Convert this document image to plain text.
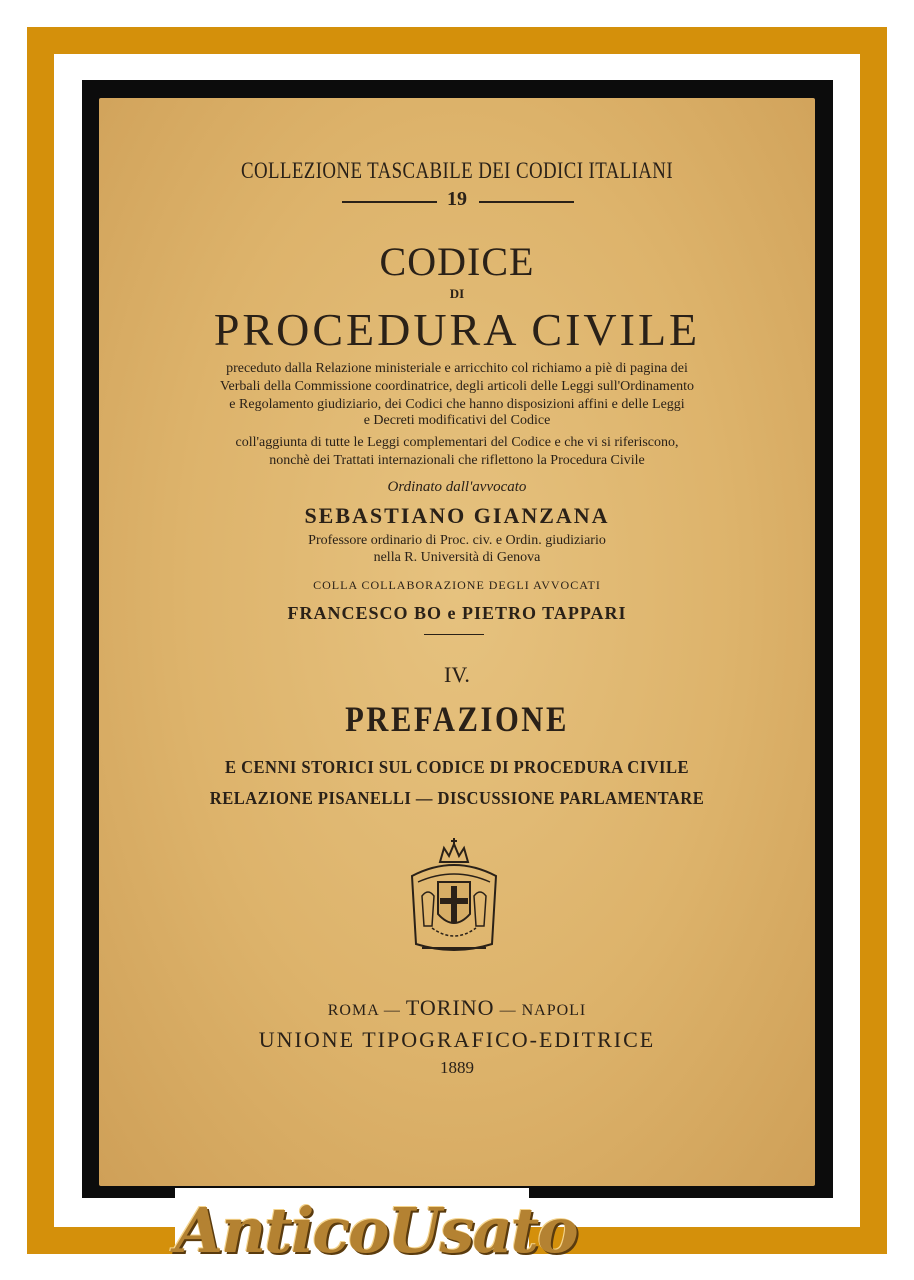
COLLEZIONE TASCABILE DEI CODICI ITALIANI
19
CODICE
DI
PROCEDURA CIVILE
preceduto dalla Relazione ministeriale e arricchito col richiamo a piè di pagina dei
Verbali della Commissione coordinatrice, degli articoli delle Leggi sull'Ordinamento
e Regolamento giudiziario, dei Codici che hanno disposizioni affini e delle Leggi
e Decreti modificativi del Codice
coll'aggiunta di tutte le Leggi complementari del Codice e che vi si riferiscono,
nonchè dei Trattati internazionali che riflettono la Procedura Civile
Ordinato dall'avvocato
SEBASTIANO GIANZANA
Professore ordinario di Proc. civ. e Ordin. giudiziario
nella R. Università di Genova
COLLA COLLABORAZIONE DEGLI AVVOCATI
FRANCESCO BO e PIETRO TAPPARI
IV.
PREFAZIONE
E CENNI STORICI SUL CODICE DI PROCEDURA CIVILE
RELAZIONE PISANELLI — DISCUSSIONE PARLAMENTARE
ROMA — TORINO — NAPOLI
UNIONE TIPOGRAFICO-EDITRICE
1889
AnticoUsato
